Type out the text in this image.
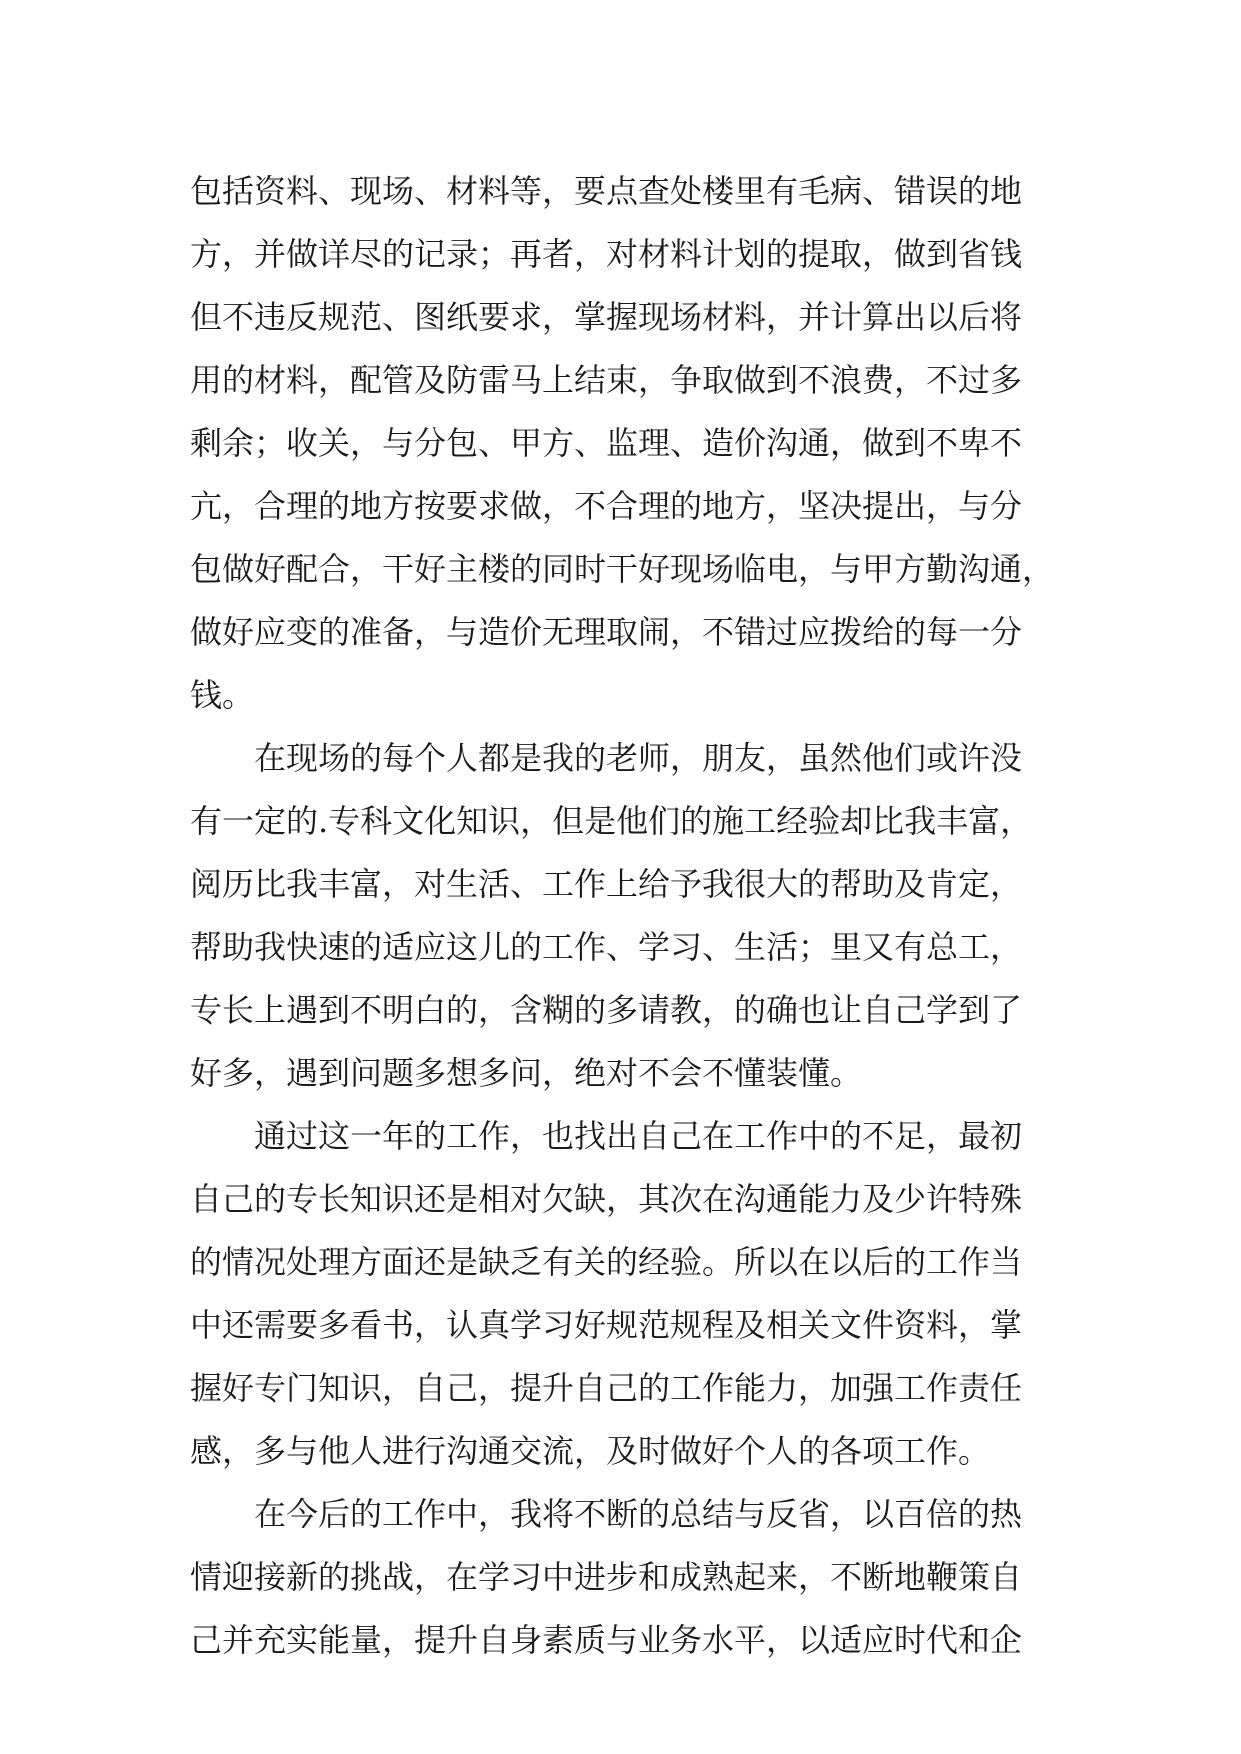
包括资料、现场、材料等，要点查处楼里有毛病、错误的地
方，并做详尽的记录；再者，对材料计划的提取，做到省钱
但不违反规范、图纸要求，掌握现场材料，并计算出以后将
用的材料，配管及防雷马上结束，争取做到不浪费，不过多
剩余；收关，与分包、甲方、监理、造价沟通，做到不卑不
亢，合理的地方按要求做，不合理的地方，坚决提出，与分
包做好配合，干好主楼的同时干好现场临电，与甲方勤沟通，
做好应变的准备，与造价无理取闹，不错过应拨给的每一分
钱。
在现场的每个人都是我的老师，朋友，虽然他们或许没
有一定的.专科文化知识，但是他们的施工经验却比我丰富，
阅历比我丰富，对生活、工作上给予我很大的帮助及肯定，
帮助我快速的适应这儿的工作、学习、生活；里又有总工，
专长上遇到不明白的，含糊的多请教，的确也让自己学到了
好多，遇到问题多想多问，绝对不会不懂装懂。
通过这一年的工作，也找出自己在工作中的不足，最初
自己的专长知识还是相对欠缺，其次在沟通能力及少许特殊
的情况处理方面还是缺乏有关的经验。所以在以后的工作当
中还需要多看书，认真学习好规范规程及相关文件资料，掌
握好专门知识，自己，提升自己的工作能力，加强工作责任
感，多与他人进行沟通交流，及时做好个人的各项工作。
在今后的工作中，我将不断的总结与反省，以百倍的热
情迎接新的挑战，在学习中进步和成熟起来，不断地鞭策自
己并充实能量，提升自身素质与业务水平，以适应时代和企
